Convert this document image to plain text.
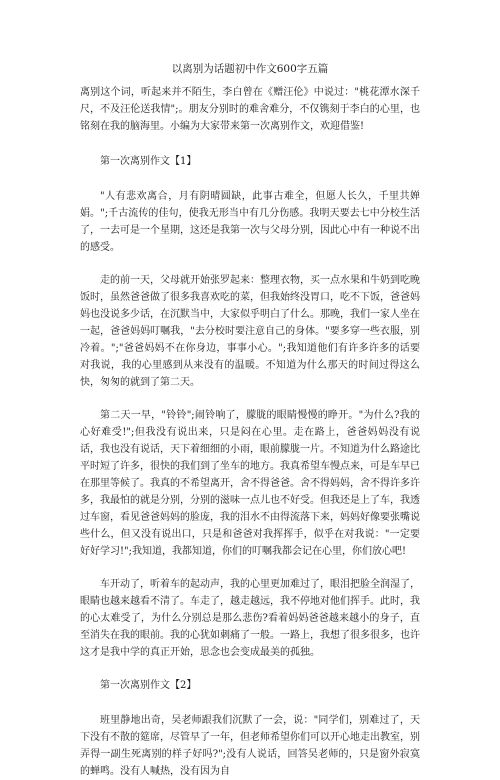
以离别为话题初中作文600字五篇

离别这个词，听起来并不陌生，李白曾在《赠汪伦》中说过："桃花潭水深千尺，不及汪伦送我情";。朋友分别时的难舍难分，不仅镌刻于李白的心里，也铭刻在我的脑海里。小编为大家带来第一次离别作文，欢迎借鉴!

第一次离别作文【1】

"人有悲欢离合，月有阴晴圆缺，此事古难全，但愿人长久，千里共婵娟。";千古流传的佳句，使我无形当中有几分伤感。我明天要去七中分校生活了，一去可是一个星期，这还是我第一次与父母分别，因此心中有一种说不出的感受。

走的前一天，父母就开始张罗起来：整理衣物，买一点水果和牛奶到吃晚饭时，虽然爸爸做了很多我喜欢吃的菜，但我始终没胃口，吃不下饭，爸爸妈妈也没说多少话，在沉默当中，大家似乎明白了什么。那晚，我们一家人坐在一起，爸爸妈妈叮嘱我，"去分校时要注意自己的身体。"要多穿一些衣服，别冷着。";"爸爸妈妈不在你身边，事事小心。";我知道他们有许多许多的话要对我说，我的心里感到从来没有的温暖。不知道为什么那天的时间过得这么快，匆匆的就到了第二天。

第二天一早，"铃铃";闹铃响了，朦胧的眼睛慢慢的睁开。"为什么?我的心好难受!";但我没有说出来，只是闷在心里。走在路上，爸爸妈妈没有说话，我也没有说话，天下着细细的小雨，眼前朦胧一片。不知道为什么路途比平时短了许多，很快的我们到了坐车的地方。我真希望车慢点来，可是车早已在那里等候了。我真的不希望离开，舍不得爸爸。舍不得妈妈，舍不得许多许多，我最怕的就是分别，分别的滋味一点儿也不好受。但我还是上了车，我透过车窗，看见爸爸妈妈的脸庞，我的泪水不由得流落下来，妈妈好像要张嘴说些什么，但又没有说出口，只是和爸爸对我挥挥手，似乎在对我说："一定要好好学习!";我知道，我都知道，你们的叮嘱我都会记在心里，你们放心吧!

车开动了，听着车的起动声，我的心里更加难过了，眼泪把脸全润湿了，眼睛也越来越看不清了。车走了，越走越远，我不停地对他们挥手。此时，我的心太难受了，为什么分别总是那么悲伤?看着妈妈爸爸越来越小的身子，直至消失在我的眼前。我的心犹如刺痛了一般。一路上，我想了很多很多，也许这才是我中学的真正开始，思念也会变成最美的孤独。

第一次离别作文【2】

班里静地出奇，吴老师跟我们沉默了一会，说："同学们，别难过了，天下没有不散的筵席，尽管早了一年，但老师希望你们可以开心地走出教室，别弄得一副生死离别的样子好吗?";没有人说话，回答吴老师的，只是窗外寂寞的蝉鸣。没有人喊热，没有因为自
